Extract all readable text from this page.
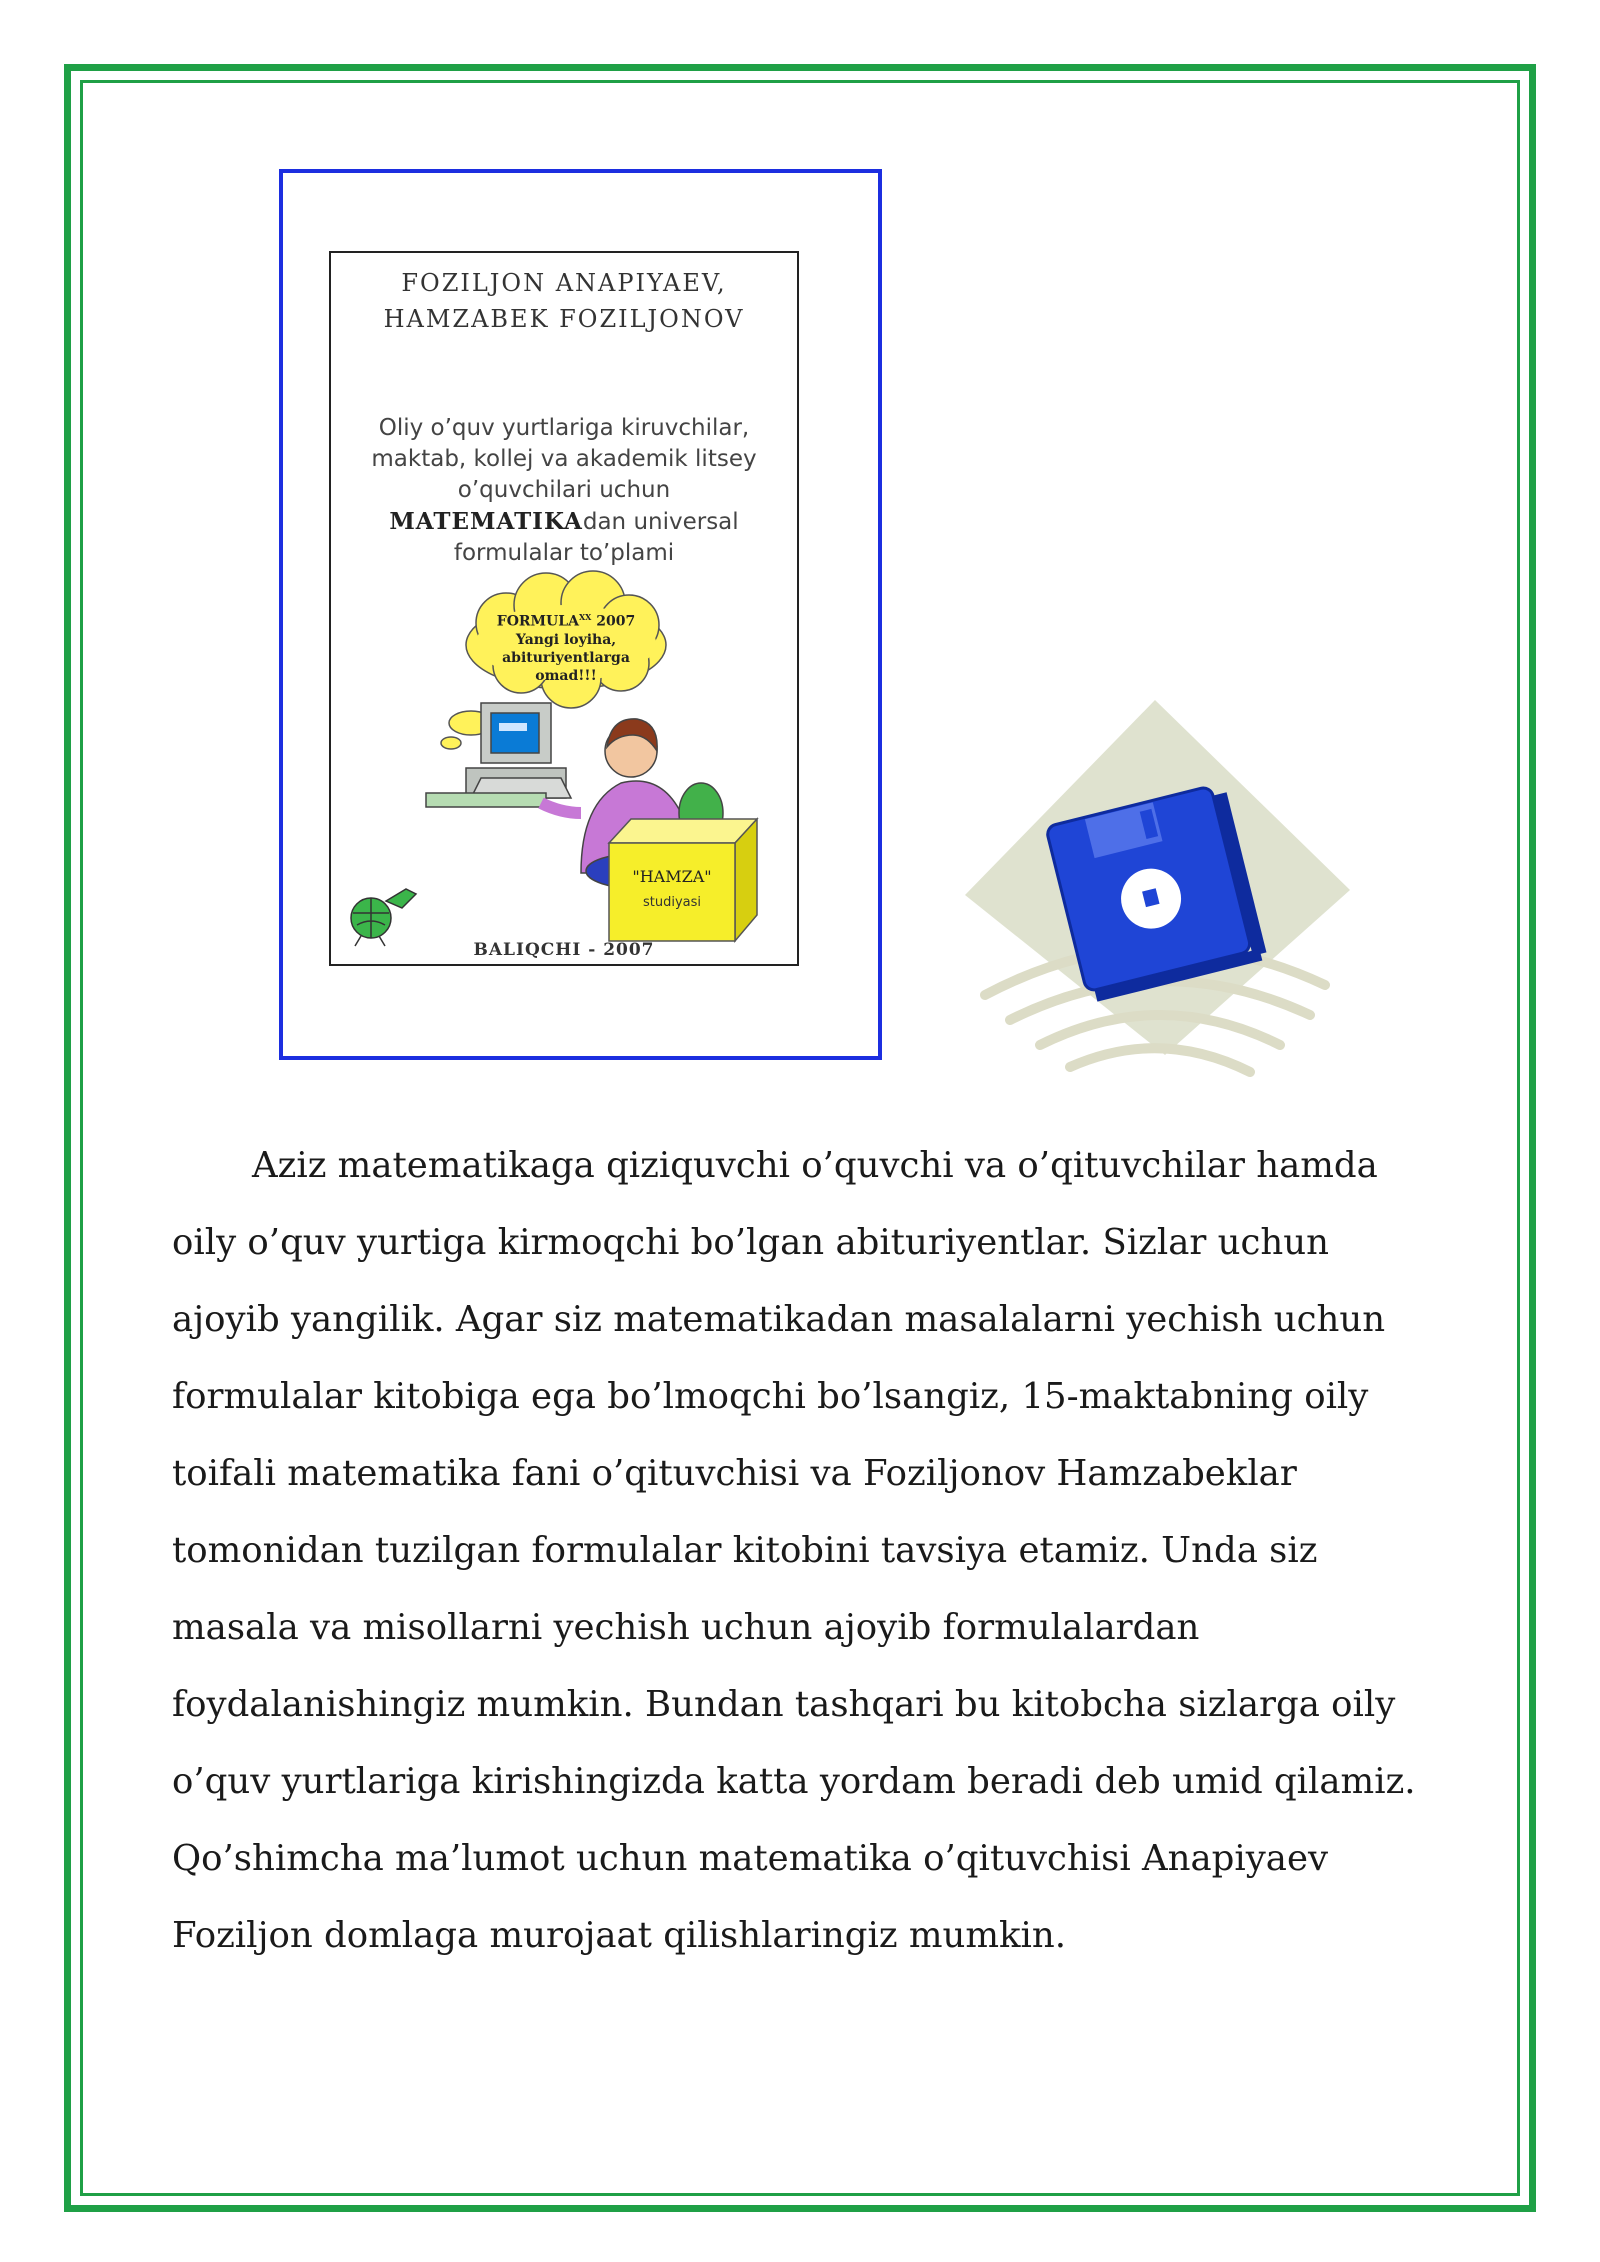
FOZILJON ANAPIYAEV,
HAMZABEK FOZILJONOV
Oliy o’quv yurtlariga kiruvchilar,
maktab, kollej va akademik litsey
o’quvchilari uchun
MATEMATIKAdan universal
formulalar to’plami
$FORMULA^{XX}$ 2007
Yangi loyiha,
abituriyentlarga
omad!!!
"HAMZA"
studiyasi
BALIQCHI - 2007

Aziz matematikaga qiziquvchi o’quvchi va o’qituvchilar hamda
oily o’quv yurtiga kirmoqchi bo’lgan abituriyentlar. Sizlar uchun
ajoyib yangilik. Agar siz matematikadan masalalarni yechish uchun
formulalar kitobiga ega bo’lmoqchi bo’lsangiz, 15-maktabning oily
toifali matematika fani o’qituvchisi va Foziljonov Hamzabeklar
tomonidan tuzilgan formulalar kitobini tavsiya etamiz. Unda siz
masala va misollarni yechish uchun ajoyib formulalardan
foydalanishingiz mumkin. Bundan tashqari bu kitobcha sizlarga oily
o’quv yurtlariga kirishingizda katta yordam beradi deb umid qilamiz.
Qo’shimcha ma’lumot uchun matematika o’qituvchisi Anapiyaev
Foziljon domlaga murojaat qilishlaringiz mumkin.
